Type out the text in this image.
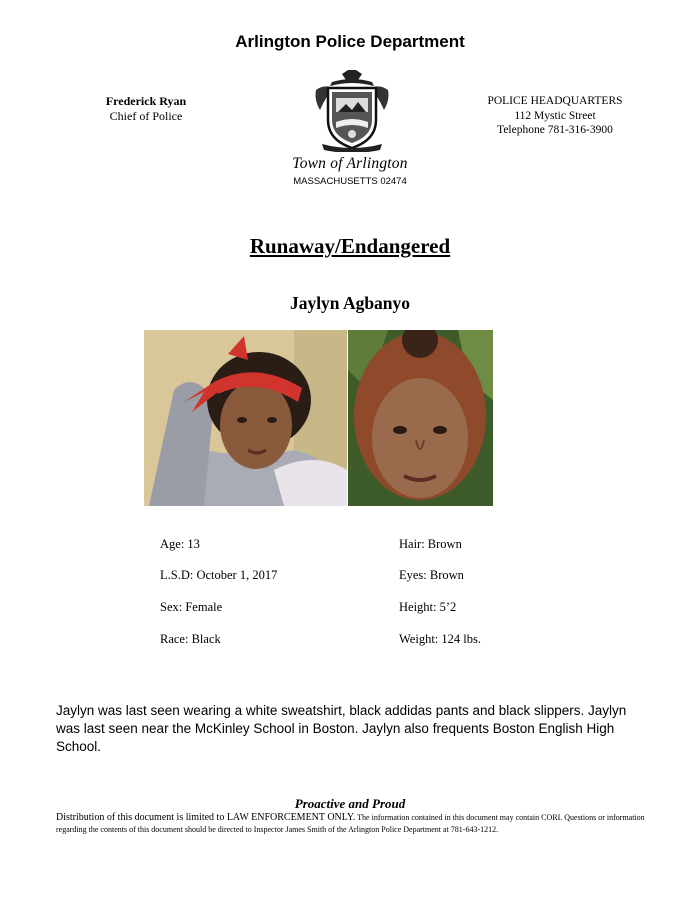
Arlington Police Department
Frederick Ryan
Chief of Police
POLICE HEADQUARTERS
112 Mystic Street
Telephone 781-316-3900
Town of Arlington
MASSACHUSETTS 02474
Runaway/Endangered
Jaylyn Agbanyo
Age: 13
L.S.D: October 1, 2017
Sex: Female
Race: Black
Hair: Brown
Eyes: Brown
Height: 5’2
Weight: 124 lbs.
Jaylyn was last seen wearing a white sweatshirt, black addidas pants and black slippers. Jaylyn was last seen near the McKinley School in Boston. Jaylyn also frequents Boston English High School.
Proactive and Proud
Distribution of this document is limited to LAW ENFORCEMENT ONLY. The information contained in this document may contain CORI. Questions or information regarding the contents of this document should be directed to Inspector James Smith of the Arlington Police Department at 781-643-1212.
